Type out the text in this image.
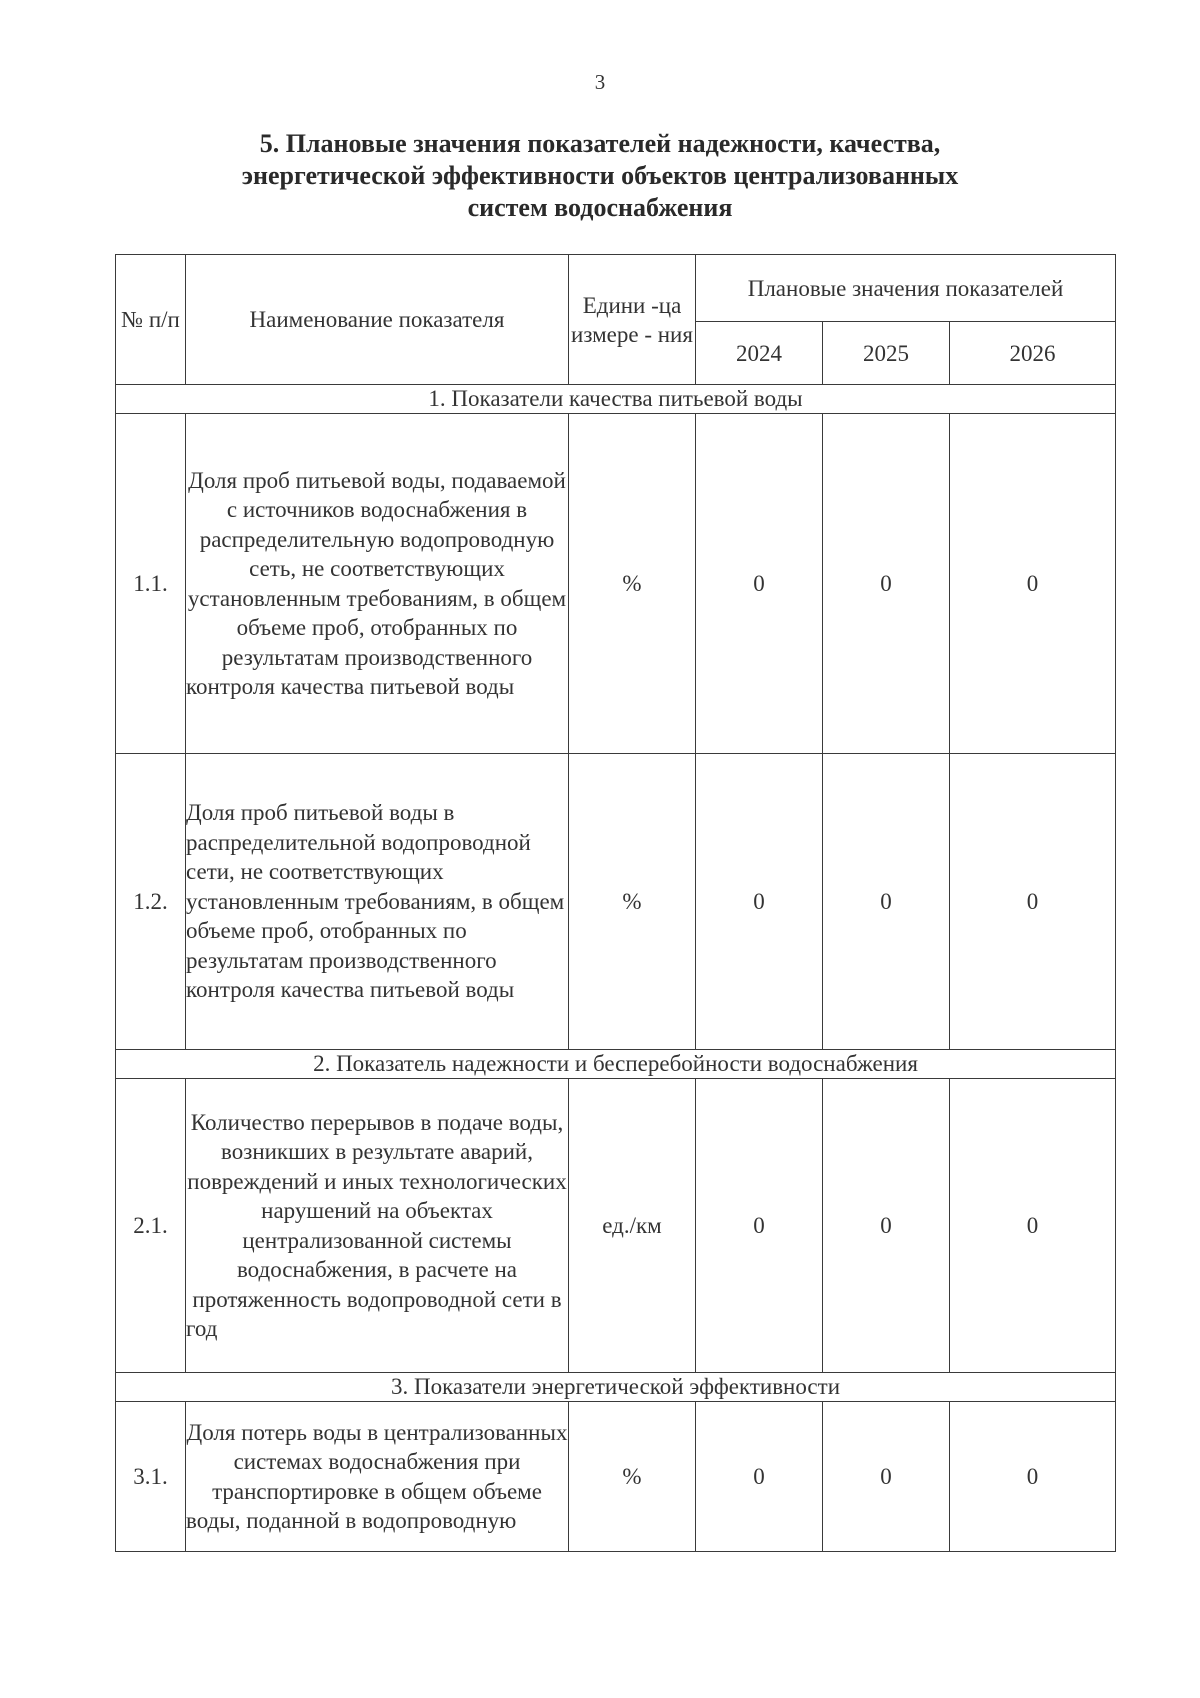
3
5. Плановые значения показателей надежности, качества,
энергетической эффективности объектов централизованных
систем водоснабжения
№ п/п	Наименование показателя	Едини -ца измере - ния	Плановые значения показателей		
			2024	2025	2026
1. Показатели качества питьевой воды					
1.1.	Доля проб питьевой воды, подаваемой с источников водоснабжения в распределительную водопроводную сеть, не соответствующих установленным требованиям, в общем объеме проб, отобранных по результатам производственного контроля качества питьевой воды	%	0	0	0
1.2.	Доля проб питьевой воды в распределительной водопроводной сети, не соответствующих установленным требованиям, в общем объеме проб, отобранных по результатам производственного контроля качества питьевой воды	%	0	0	0
2. Показатель надежности и бесперебойности водоснабжения					
2.1.	Количество перерывов в подаче воды, возникших в результате аварий, повреждений и иных технологических нарушений на объектах централизованной системы водоснабжения, в расчете на протяженность водопроводной сети в год	ед./км	0	0	0
3. Показатели энергетической эффективности					
3.1.	Доля потерь воды в централизованных системах водоснабжения при транспортировке в общем объеме воды, поданной в водопроводную	%	0	0	0
